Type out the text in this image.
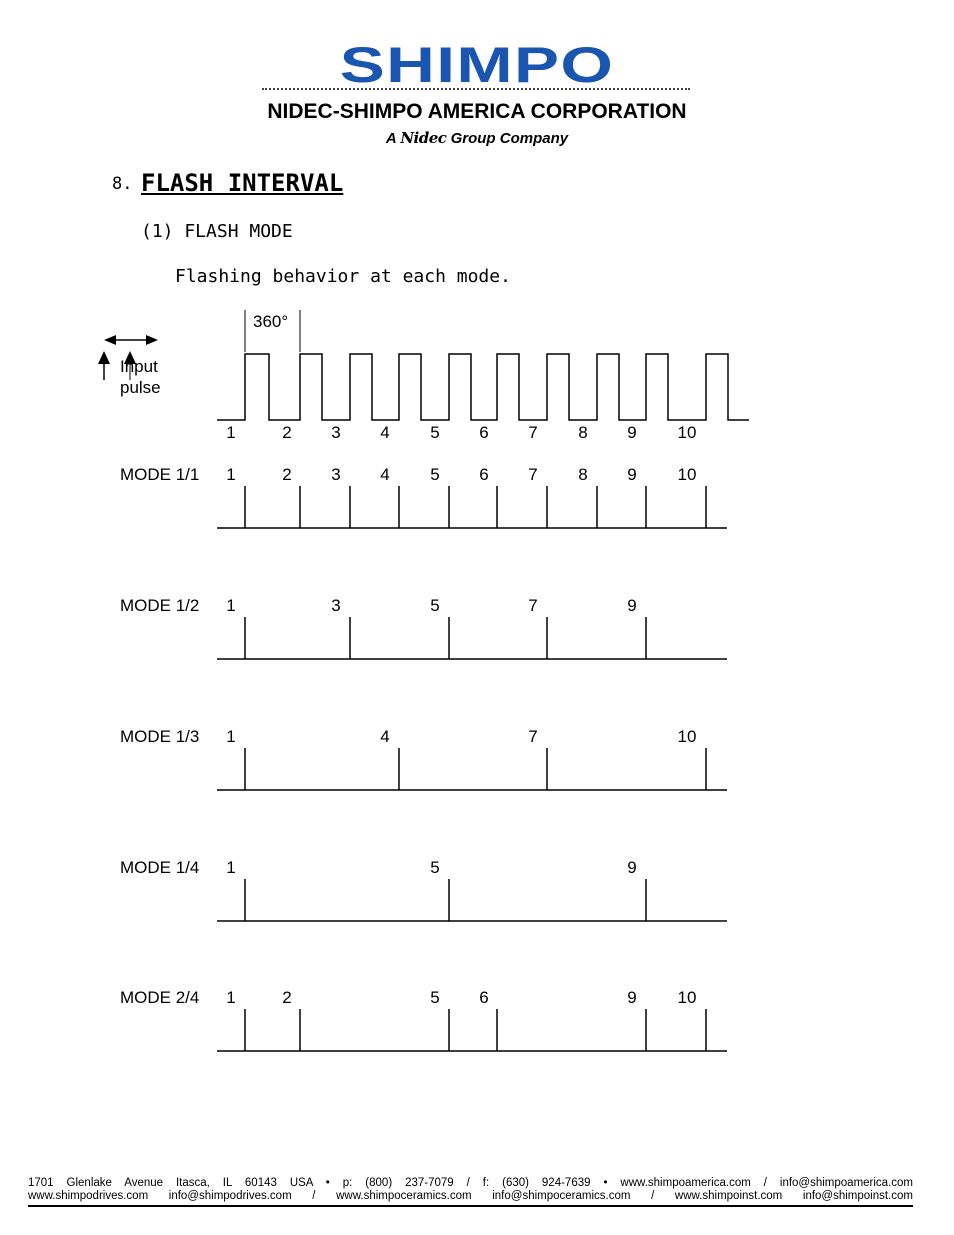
SHIMPO
NIDEC-SHIMPO AMERICA CORPORATION
A Nidec Group Company
8. FLASH INTERVAL
(1) FLASH MODE
Flashing behavior at each mode.
360°
Input
pulse
1	2 3 4 5 6 7 8 9 10
MODE 1/1 1	2 3 4 5 6 7 8 9 10
MODE 1/2 1	3	5	7	9
MODE 1/3 1	4	7	10
MODE 1/4 1	5	9
MODE 2/4 1	2	5 6	9 10
1701 Glenlake Avenue Itasca, IL 60143 USA • p: (800) 237-7079 / f: (630) 924-7639 • www.shimpoamerica.com / info@shimpoamerica.com
www.shimpodrives.com info@shimpodrives.com / www.shimpoceramics.com info@shimpoceramics.com / www.shimpoinst.com info@shimpoinst.com
